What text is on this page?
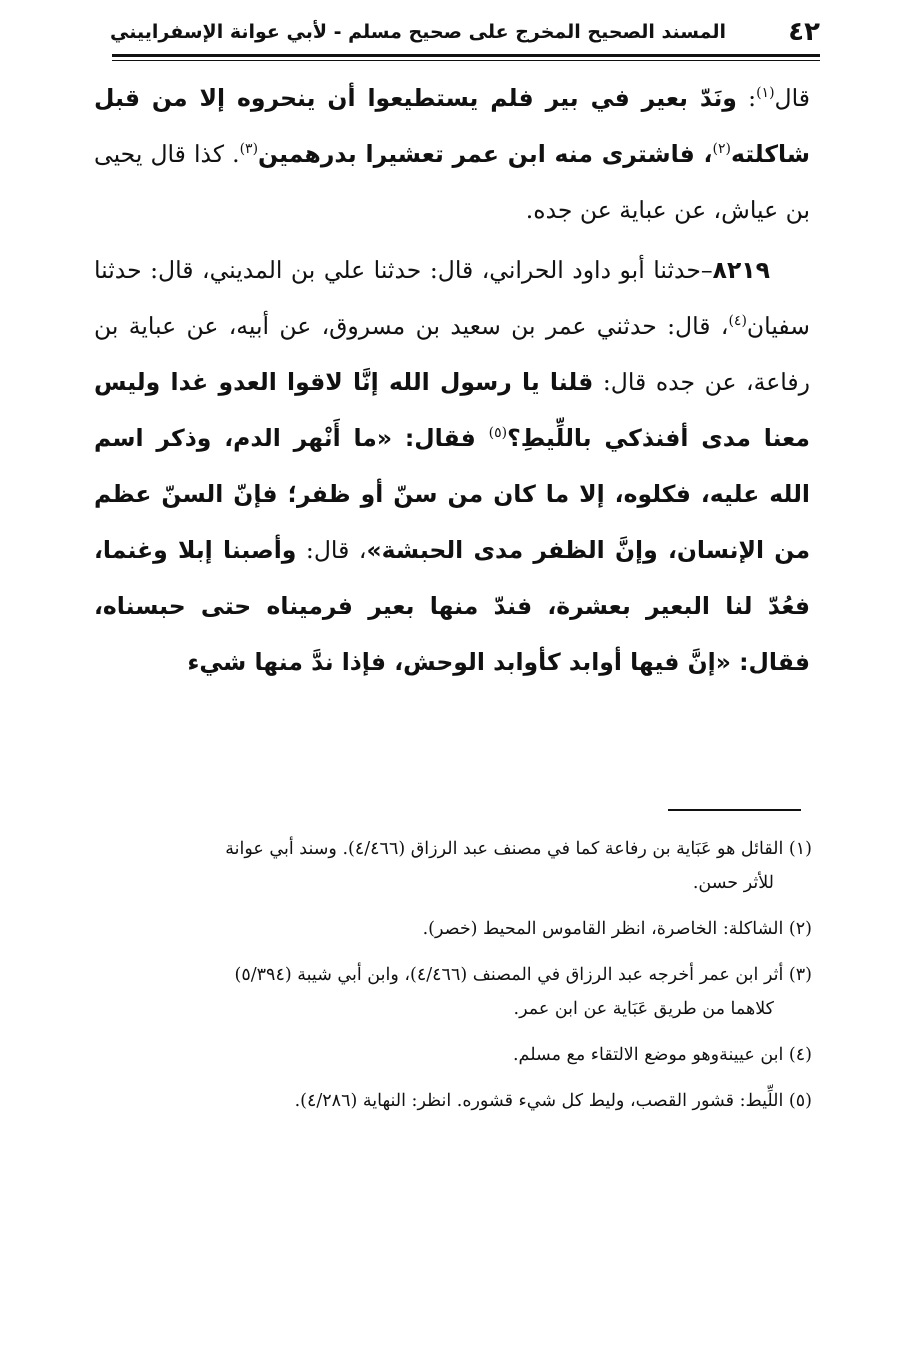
٤٢
المسند الصحيح المخرج على صحيح مسلم - لأبي عوانة الإسفراييني

قال$^{(١)}$: ونَدّ بعير في بير فلم يستطيعوا أن ينحروه إلا من قبل شاكلته$^{(٢)}$، فاشترى منه ابن عمر تعشيرا بدرهمين$^{(٣)}$. كذا قال يحيى بن عياش، عن عباية عن جده.

٨٢١٩–حدثنا أبو داود الحراني، قال: حدثنا علي بن المديني، قال: حدثنا سفيان$^{(٤)}$، قال: حدثني عمر بن سعيد بن مسروق، عن أبيه، عن عباية بن رفاعة، عن جده قال: قلنا يا رسول الله إنَّا لاقوا العدو غدا وليس معنا مدى أفنذكي باللِّيطِ؟$^{(٥)}$ فقال: «ما أَنْهر الدم، وذكر اسم الله عليه، فكلوه، إلا ما كان من سنّ أو ظفر؛ فإنّ السنّ عظم من الإنسان، وإنَّ الظفر مدى الحبشة»، قال: وأصبنا إبلا وغنما، فعُدّ لنا البعير بعشرة، فندّ منها بعير فرميناه حتى حبسناه، فقال: «إنَّ فيها أوابد كأوابد الوحش، فإذا ندَّ منها شيء

(١) القائل هو عَبَاية بن رفاعة كما في مصنف عبد الرزاق (٤/٤٦٦). وسند أبي عوانة
للأثر حسن.
(٢) الشاكلة: الخاصرة، انظر القاموس المحيط (خصر).
(٣) أثر ابن عمر أخرجه عبد الرزاق في المصنف (٤/٤٦٦)، وابن أبي شيبة (٥/٣٩٤)
كلاهما من طريق عَبَاية عن ابن عمر.
(٤) ابن عيينةوهو موضع الالتقاء مع مسلم.
(٥) اللِّيط: قشور القصب، وليط كل شيء قشوره. انظر: النهاية (٤/٢٨٦).
